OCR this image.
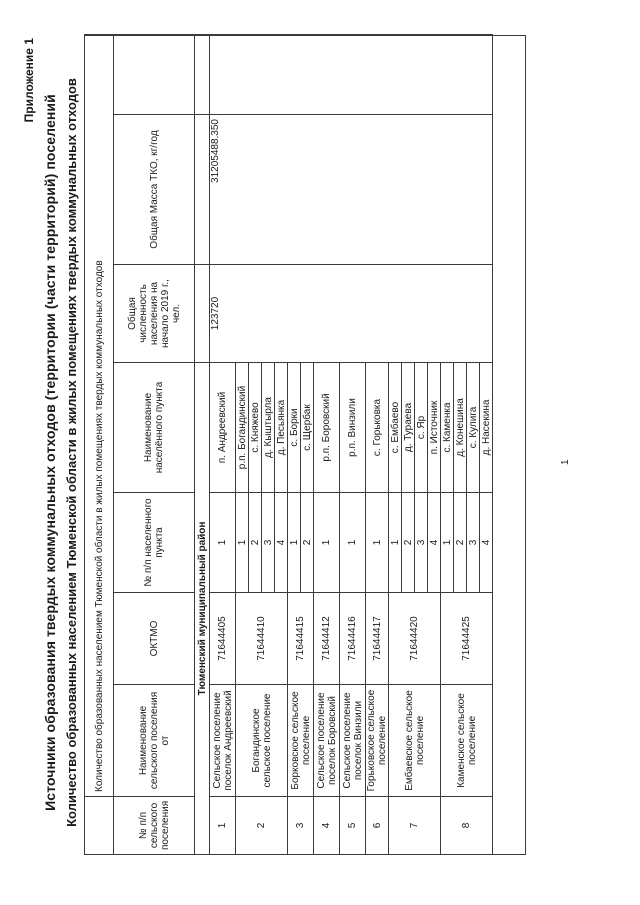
Приложение 1
Источники образования твердых коммунальных отходов (территории (части территорий) поселений Количество образованных населением Тюменской области в жилых помещениях твердых коммунальных отходов
	Количество образованных населением Тюменской области в жилых помещениях твердых коммунальных отходов						
№ п/п сельского поселения	Наименование сельского поселения от	ОКТМО	№ п/п населенного пункта	Наименование населённого пункта	Общая численность населения на начало 2019 г., чел.	Общая Масса ТКО, кг/год	
Тюменский муниципальный район							
1	Сельское поселение поселок Андреевский	71644405	1	п. Андреевский	123720	31205488.350	
2	Богандинское сельское поселение	71644410	1	р.п. Богандинский			
			2	с. Княжево			
			3	д. Кыштырла			
			4	д. Песьянка			
3	Борковское сельское поселение	71644415	1	с. Борки			
			2	с. Щербак			
4	Сельское поселение поселок Боровский	71644412	1	р.п. Боровский			
5	Сельское поселение поселок Винзили	71644416	1	р.п. Винзили			
6	Горьковское сельское поселение	71644417	1	с. Горьковка			
7	Ембаевское сельское поселение	71644420	1	с. Ембаево			
			2	д. Тураева			
			3	с. Яр			
			4	п. Источник			
8	Каменское сельское поселение	71644425	1	с. Каменка			
			2	д. Конешина			
			3	с. Кулига			
			4	д. Насекина			
1
